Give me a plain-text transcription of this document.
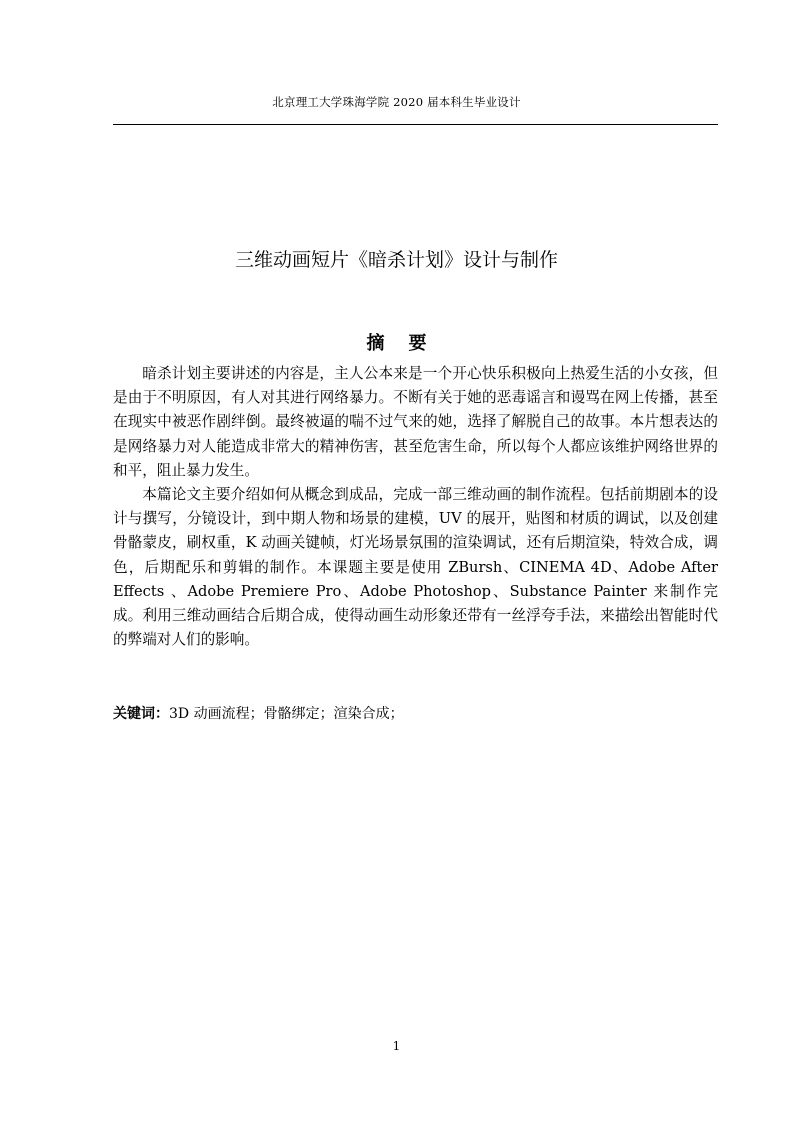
北京理工大学珠海学院 2020 届本科生毕业设计
三维动画短片《暗杀计划》设计与制作
摘 要

暗杀计划主要讲述的内容是，主人公本来是一个开心快乐积极向上热爱生活的小女孩，但是由于不明原因，有人对其进行网络暴力。不断有关于她的恶毒谣言和谩骂在网上传播，甚至在现实中被恶作剧绊倒。最终被逼的喘不过气来的她，选择了解脱自己的故事。本片想表达的是网络暴力对人能造成非常大的精神伤害，甚至危害生命，所以每个人都应该维护网络世界的和平，阻止暴力发生。

本篇论文主要介绍如何从概念到成品，完成一部三维动画的制作流程。包括前期剧本的设计与撰写，分镜设计，到中期人物和场景的建模，UV 的展开，贴图和材质的调试，以及创建骨骼蒙皮，刷权重，K 动画关键帧，灯光场景氛围的渲染调试，还有后期渲染，特效合成，调色，后期配乐和剪辑的制作。本课题主要是使用 ZBursh、CINEMA 4D、Adobe After Effects 、Adobe Premiere Pro、Adobe Photoshop、Substance Painter 来制作完成。利用三维动画结合后期合成，使得动画生动形象还带有一丝浮夸手法，来描绘出智能时代的弊端对人们的影响。

关键词：3D 动画流程；骨骼绑定；渲染合成；
1
